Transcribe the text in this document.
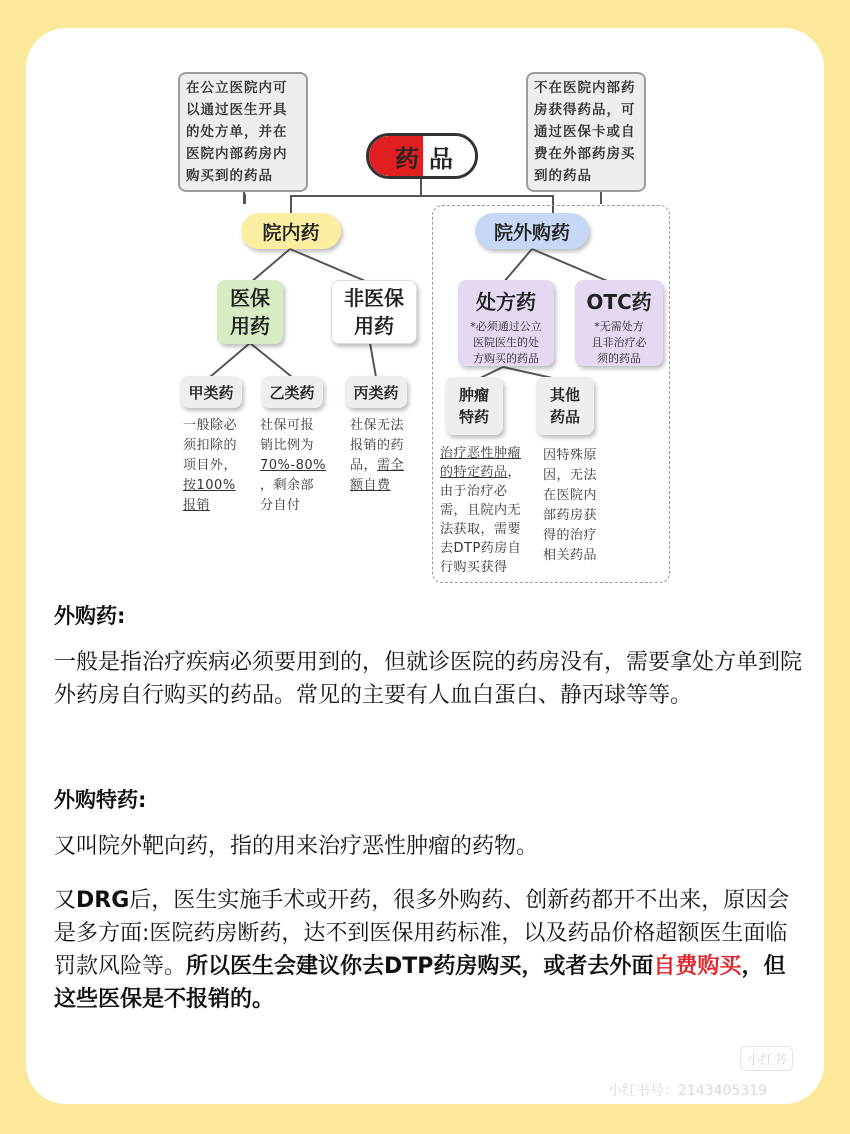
在公立医院内可
以通过医生开具
的处方单，并在
医院内部药房内
购买到的药品
不在医院内部药
房获得药品，可
通过医保卡或自
费在外部药房买
到的药品
药 品
院内药	院外购药
医保
用药
非医保
用药
处方药
*必须通过公立
医院医生的处
方购买的药品
OTC药
*无需处方
且非治疗必
须的药品
甲类药	乙类药	丙类药	肿瘤
特药
其他
药品
一般除必
须扣除的
项目外，
按100%
报销
社保可报
销比例为
70%-80%
，剩余部
分自付
社保无法
报销的药
品，需全
额自费
治疗恶性肿瘤
的特定药品，
由于治疗必
需，且院内无
法获取，需要
去DTP药房自
行购买获得
因特殊原
因，无法
在医院内
部药房获
得的治疗
相关药品
外购药:
一般是指治疗疾病必须要用到的，但就诊医院的药房没有，需要拿处方单到院外药房自行购买的药品。常见的主要有人血白蛋白、静丙球等等。
外购特药:
又叫院外靶向药，指的用来治疗恶性肿瘤的药物。
又DRG后，医生实施手术或开药，很多外购药、创新药都开不出来，原因会是多方面:医院药房断药，达不到医保用药标准，以及药品价格超额医生面临罚款风险等。所以医生会建议你去DTP药房购买，或者去外面自费购买，但这些医保是不报销的。
小红书
小红书号：2143405319
